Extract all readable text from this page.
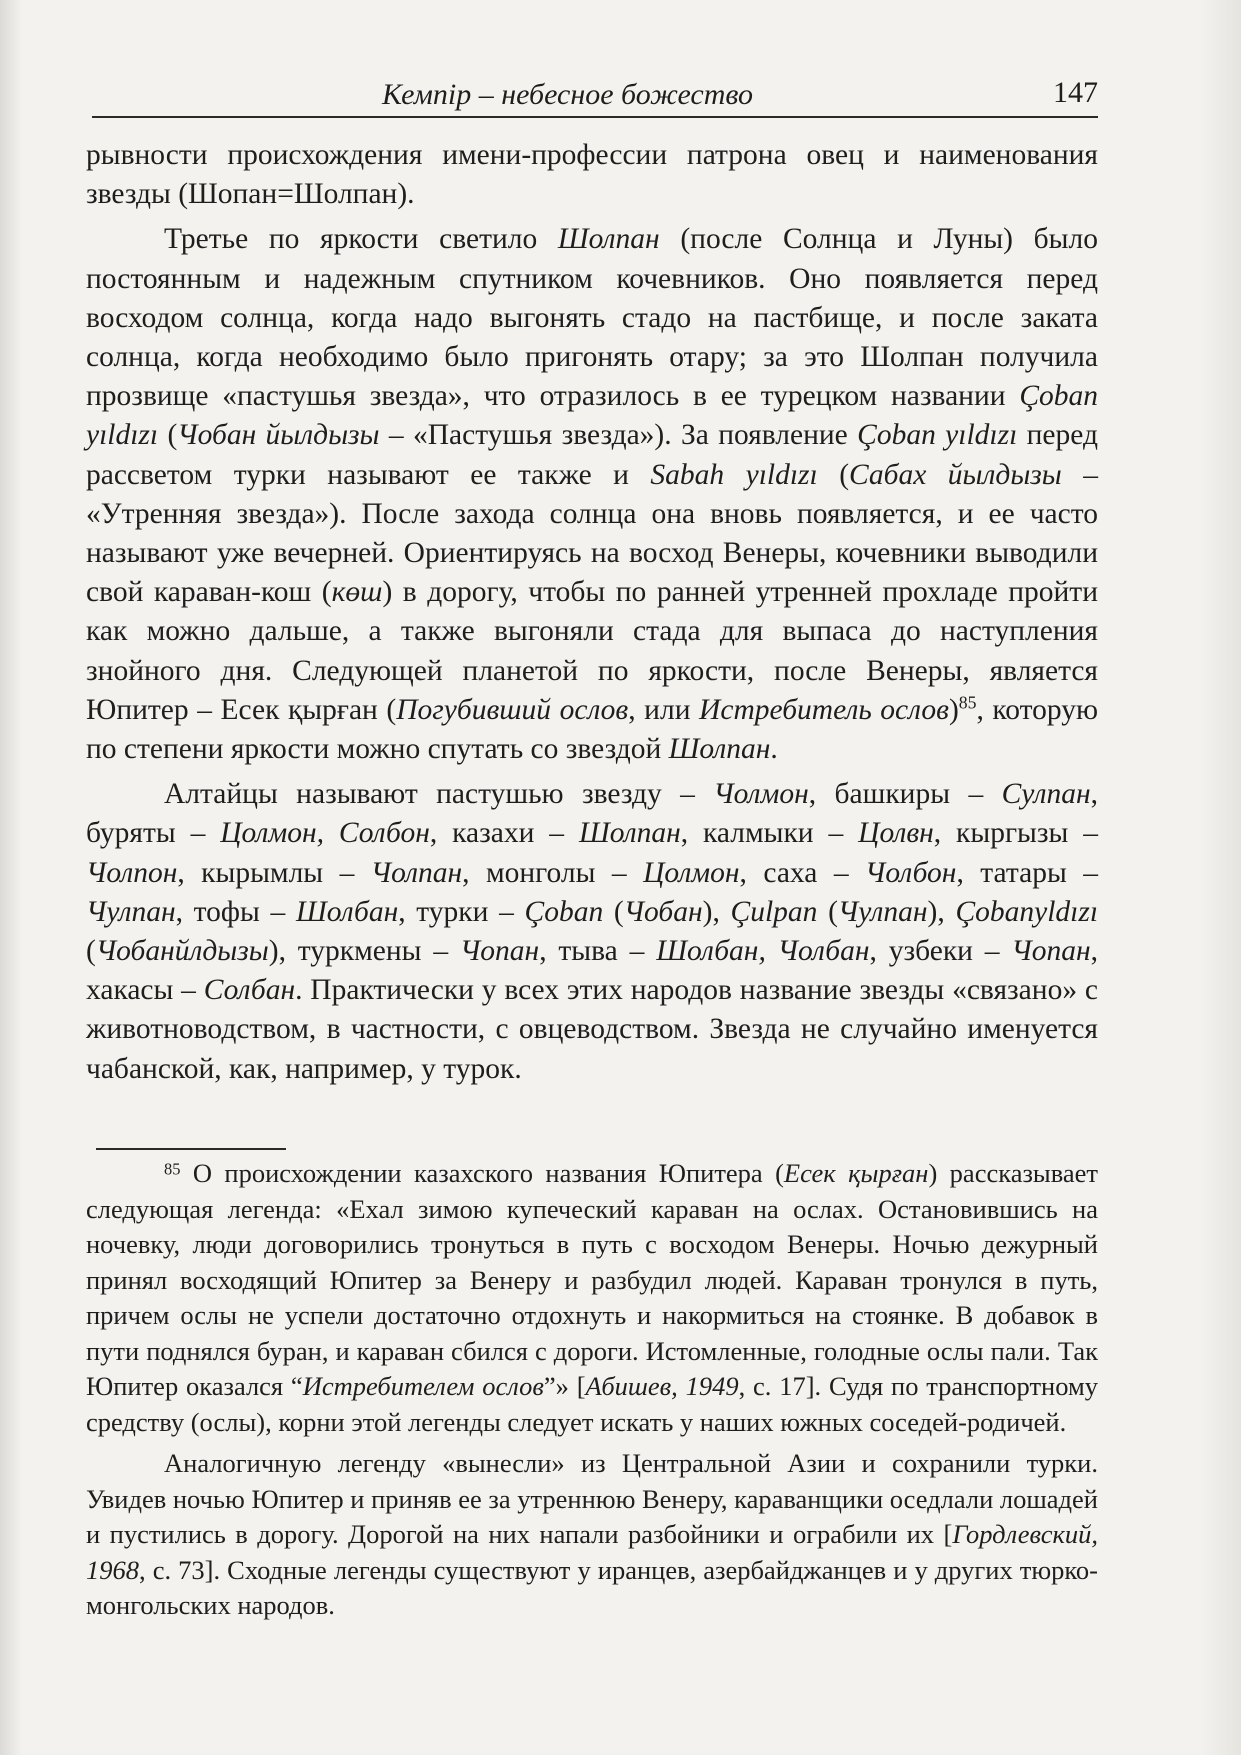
Кемпір – небесное божество	147

рывности происхождения имени-профессии патрона овец и наименования звезды (Шопан=Шолпан).

Третье по яркости светило Шолпан (после Солнца и Луны) было постоянным и надежным спутником кочевников. Оно появляется перед восходом солнца, когда надо выгонять стадо на пастбище, и после заката солнца, когда необходимо было пригонять отару; за это Шолпан получила прозвище «пастушья звезда», что отразилось в ее турецком названии Çoban yıldızı (Чобан йылдызы – «Пастушья звезда»). За появление Çoban yıldızı перед рассветом турки называют ее также и Sabah yıldızı (Сабах йылдызы – «Утренняя звезда»). После захода солнца она вновь появляется, и ее часто называют уже вечерней. Ориентируясь на восход Венеры, кочевники выводили свой караван-кош (көш) в дорогу, чтобы по ранней утренней прохладе пройти как можно дальше, а также выгоняли стада для выпаса до наступления знойного дня. Следующей планетой по яркости, после Венеры, является Юпитер – Есек қырған (Погубивший ослов, или Истребитель ослов)$^{85}$, которую по степени яркости можно спутать со звездой Шолпан.

Алтайцы называют пастушью звезду – Чолмон, башкиры – Сулпан, буряты – Цолмон, Солбон, казахи – Шолпан, калмыки – Цолвн, кыргызы – Чолпон, кырымлы – Чолпан, монголы – Цолмон, саха – Чолбон, татары – Чулпан, тофы – Шолбан, турки – Çoban (Чобан), Çulpan (Чулпан), Çobanyldızı (Чобанйлдызы), туркмены – Чопан, тыва – Шолбан, Чолбан, узбеки – Чопан, хакасы – Солбан. Практически у всех этих народов название звезды «связано» с животноводством, в частности, с овцеводством. Звезда не случайно именуется чабанской, как, например, у турок.

$^{85}$ О происхождении казахского названия Юпитера (Есек қырған) рассказывает следующая легенда: «Ехал зимою купеческий караван на ослах. Остановившись на ночевку, люди договорились тронуться в путь с восходом Венеры. Ночью дежурный принял восходящий Юпитер за Венеру и разбудил людей. Караван тронулся в путь, причем ослы не успели достаточно отдохнуть и накормиться на стоянке. В добавок в пути поднялся буран, и караван сбился с дороги. Истомленные, голодные ослы пали. Так Юпитер оказался “Истребителем ослов”» [Абишев, 1949, с. 17]. Судя по транспортному средству (ослы), корни этой легенды следует искать у наших южных соседей-родичей.

Аналогичную легенду «вынесли» из Центральной Азии и сохранили турки. Увидев ночью Юпитер и приняв ее за утреннюю Венеру, караванщики оседлали лошадей и пустились в дорогу. Дорогой на них напали разбойники и ограбили их [Гордлевский, 1968, с. 73]. Сходные легенды существуют у иранцев, азербайджанцев и у других тюрко-монгольских народов.
